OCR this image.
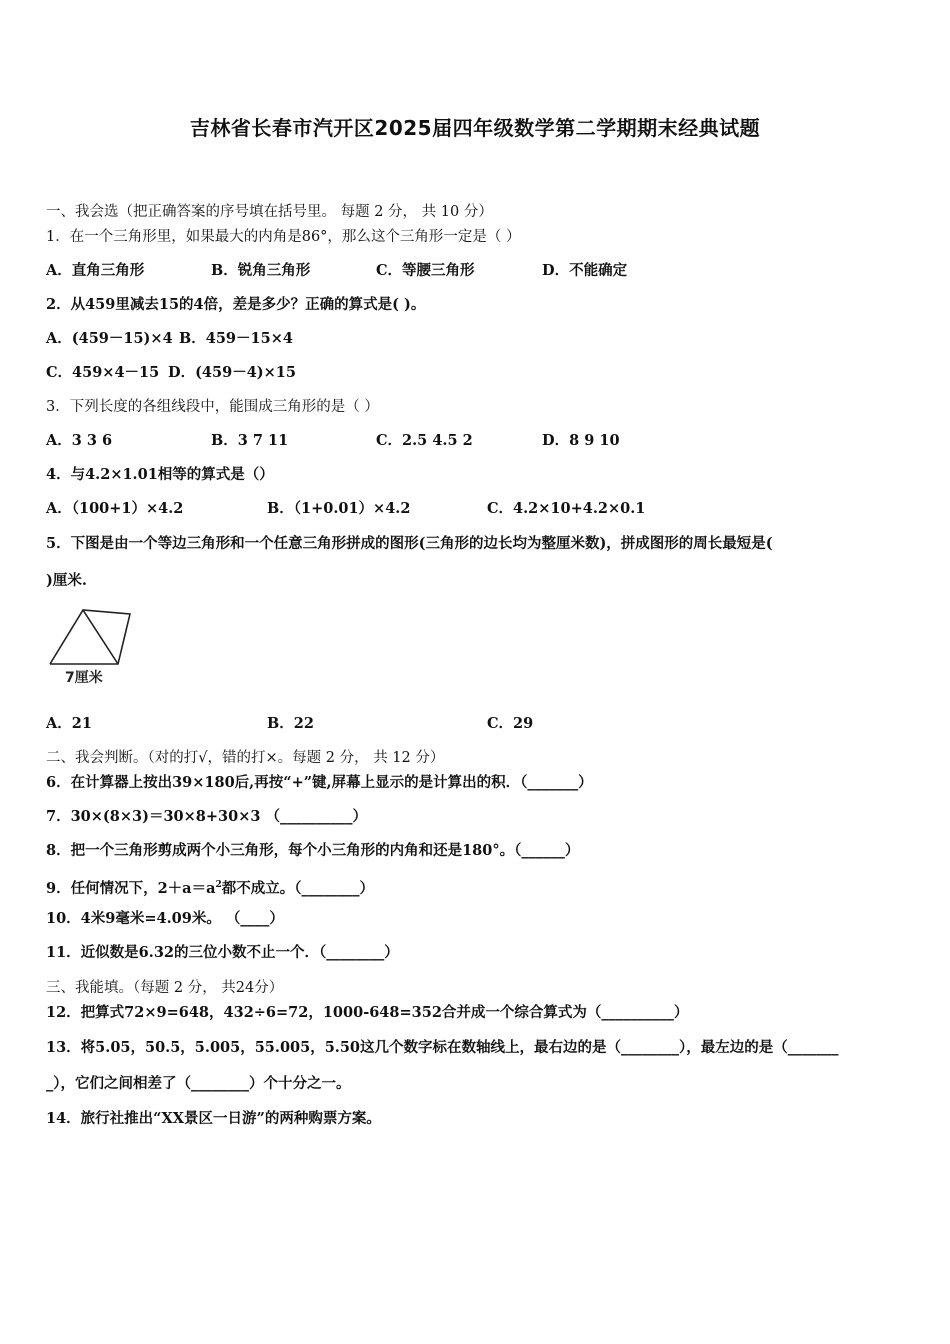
吉林省长春市汽开区2025届四年级数学第二学期期末经典试题
一、我会选（把正确答案的序号填在括号里。 每题 2 分， 共 10 分）
1．在一个三角形里，如果最大的内角是86°，那么这个三角形一定是（ ）
A．直角三角形	B．锐角三角形	C．等腰三角形	D．不能确定
2．从459里减去15的4倍，差是多少？正确的算式是( )。
A．(459－15)×4 B．459－15×4
C．459×4－15 D．(459－4)×15
3．下列长度的各组线段中，能围成三角形的是（ ）
A．3 3 6	B．3 7 11	C．2.5 4.5 2	D．8 9 10
4．与4.2×1.01相等的算式是（）
A．（100+1）×4.2	B．（1+0.01）×4.2	C．4.2×10+4.2×0.1
5．下图是由一个等边三角形和一个任意三角形拼成的图形(三角形的边长均为整厘米数)，拼成图形的周长最短是(
)厘米.
7厘米
A．21	B．22	C．29
二、我会判断。（对的打√，错的打×。每题 2 分， 共 12 分）
6．在计算器上按出39×180后,再按“+”键,屏幕上显示的是计算出的积．（_______）
7．30×(8×3)＝30×8+30×3 （__________）
8．把一个三角形剪成两个小三角形，每个小三角形的内角和还是180°。（______）
9．任何情况下，$2+a=a^2$都不成立。（________）
10．4米9毫米=4.09米。 （____）
11．近似数是6.32的三位小数不止一个．（________）
三、我能填。（每题 2 分， 共24分）
12．把算式72×9=648，432÷6=72，1000-648=352合并成一个综合算式为（__________）
13．将5.05，50.5，5.005，55.005，5.50这几个数字标在数轴线上，最右边的是（________），最左边的是（_______
_），它们之间相差了（________）个十分之一。
14．旅行社推出“XX景区一日游”的两种购票方案。
